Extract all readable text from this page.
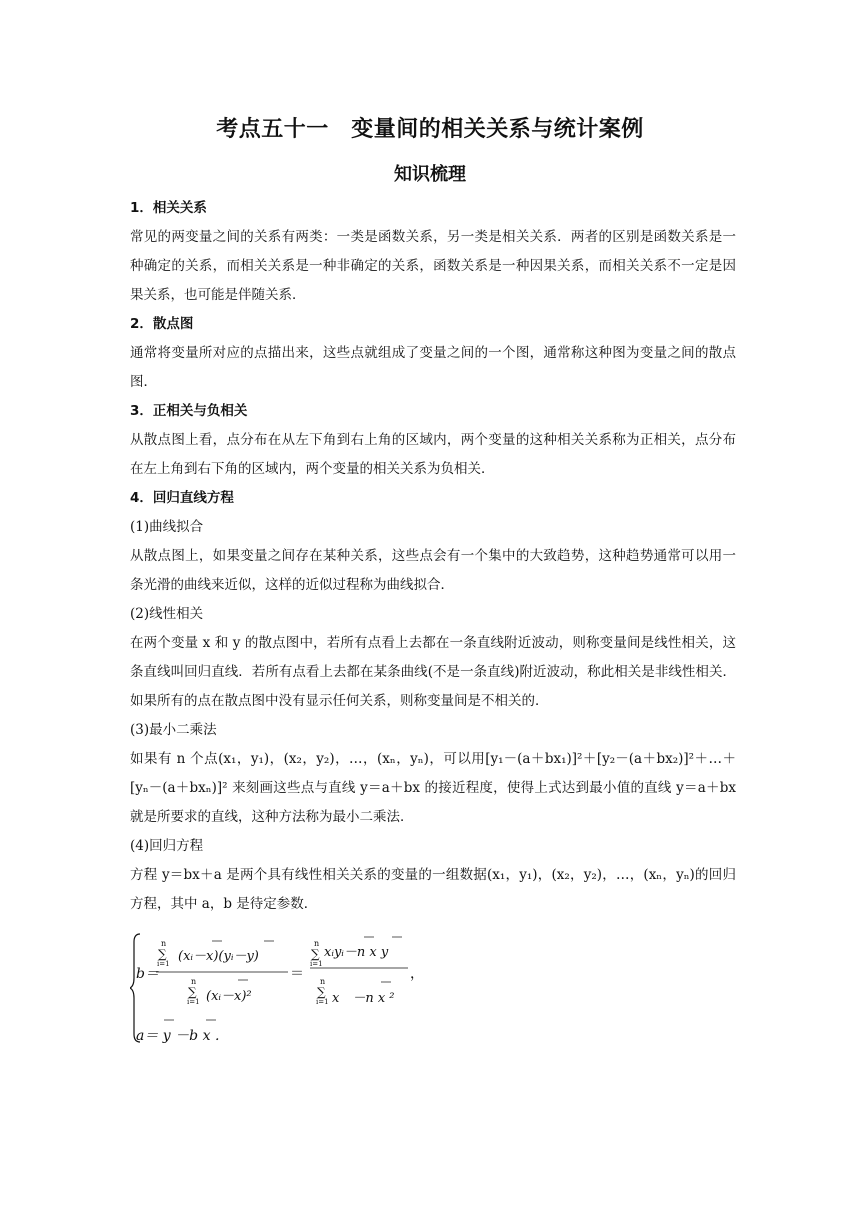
考点五十一　变量间的相关关系与统计案例
知识梳理

1．相关关系

常见的两变量之间的关系有两类：一类是函数关系，另一类是相关关系．两者的区别是函数关系是一种确定的关系，而相关关系是一种非确定的关系，函数关系是一种因果关系，而相关关系不一定是因果关系，也可能是伴随关系．

2．散点图

通常将变量所对应的点描出来，这些点就组成了变量之间的一个图，通常称这种图为变量之间的散点图．

3．正相关与负相关

从散点图上看，点分布在从左下角到右上角的区域内，两个变量的这种相关关系称为正相关，点分布在左上角到右下角的区域内，两个变量的相关关系为负相关．

4．回归直线方程

(1)曲线拟合

从散点图上，如果变量之间存在某种关系，这些点会有一个集中的大致趋势，这种趋势通常可以用一条光滑的曲线来近似，这样的近似过程称为曲线拟合．

(2)线性相关

在两个变量 x 和 y 的散点图中，若所有点看上去都在一条直线附近波动，则称变量间是线性相关，这条直线叫回归直线．若所有点看上去都在某条曲线(不是一条直线)附近波动，称此相关是非线性相关．如果所有的点在散点图中没有显示任何关系，则称变量间是不相关的．

(3)最小二乘法

如果有 n 个点(x₁，y₁)，(x₂，y₂)，…，(xₙ，yₙ)，可以用[y₁－(a＋bx₁)]²＋[y₂－(a＋bx₂)]²＋…＋[yₙ－(a＋bxₙ)]² 来刻画这些点与直线 y＝a＋bx 的接近程度，使得上式达到最小值的直线 y＝a＋bx 就是所要求的直线，这种方法称为最小二乘法．

(4)回归方程

方程 y＝bx＋a 是两个具有线性相关关系的变量的一组数据(x₁，y₁)，(x₂，y₂)，…，(xₙ，yₙ)的回归方程，其中 a，b 是待定参数．

b＝
n
∑
i=1 (xᵢ－x)(yᵢ－y)
n
∑
i=1 (xᵢ－x)²
＝
n
∑
i=1
xᵢyᵢ－n x y
n
∑
i=1 x　－n x ²
，
a＝ y －b x ．
